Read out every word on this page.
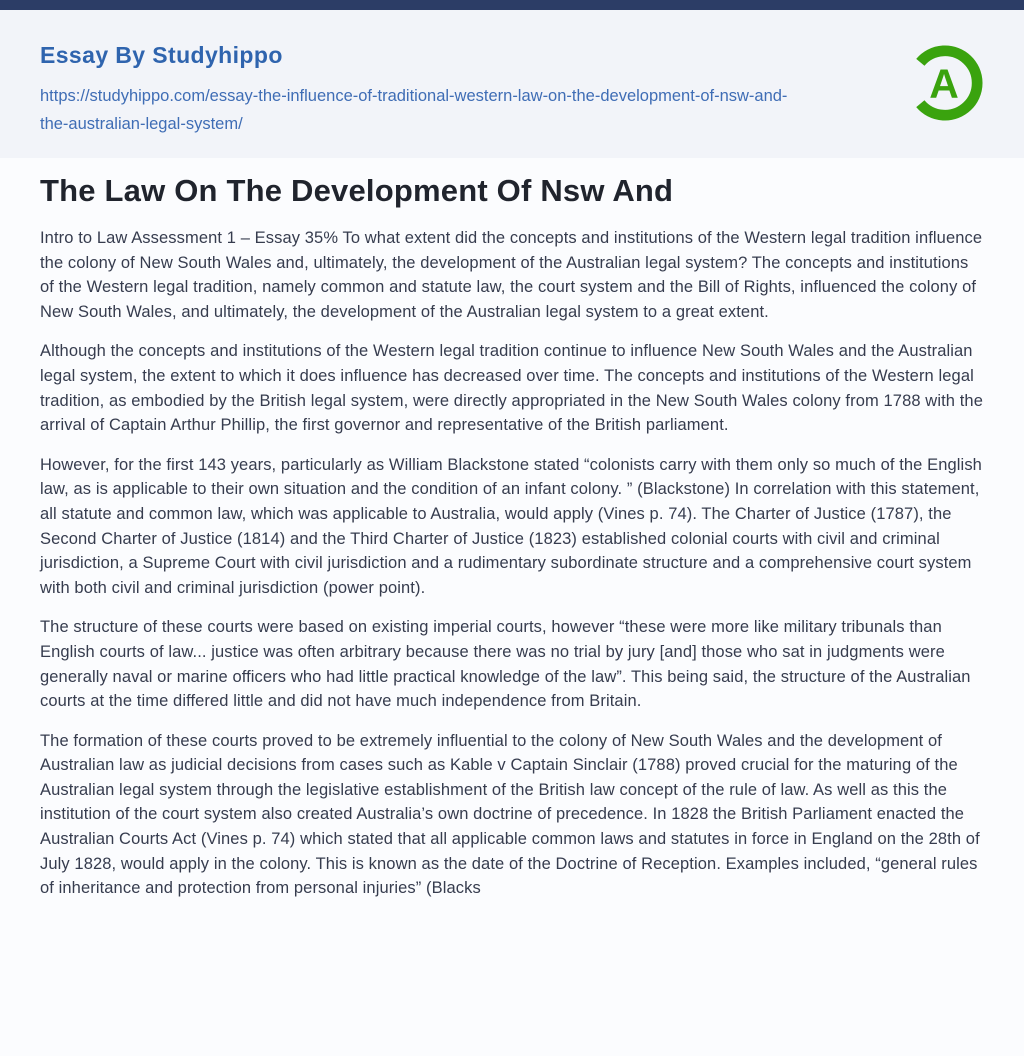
Essay By Studyhippo
https://studyhippo.com/essay-the-influence-of-traditional-western-law-on-the-development-of-nsw-and-the-australian-legal-system/
A
The Law On The Development Of Nsw And

Intro to Law Assessment 1 – Essay 35% To what extent did the concepts and institutions of the Western legal tradition influence the colony of New South Wales and, ultimately, the development of the Australian legal system? The concepts and institutions of the Western legal tradition, namely common and statute law, the court system and the Bill of Rights, influenced the colony of New South Wales, and ultimately, the development of the Australian legal system to a great extent.

Although the concepts and institutions of the Western legal tradition continue to influence New South Wales and the Australian legal system, the extent to which it does influence has decreased over time. The concepts and institutions of the Western legal tradition, as embodied by the British legal system, were directly appropriated in the New South Wales colony from 1788 with the arrival of Captain Arthur Phillip, the first governor and representative of the British parliament.

However, for the first 143 years, particularly as William Blackstone stated “colonists carry with them only so much of the English law, as is applicable to their own situation and the condition of an infant colony. ” (Blackstone) In correlation with this statement, all statute and common law, which was applicable to Australia, would apply (Vines p. 74). The Charter of Justice (1787), the Second Charter of Justice (1814) and the Third Charter of Justice (1823) established colonial courts with civil and criminal jurisdiction, a Supreme Court with civil jurisdiction and a rudimentary subordinate structure and a comprehensive court system with both civil and criminal jurisdiction (power point).

The structure of these courts were based on existing imperial courts, however “these were more like military tribunals than English courts of law... justice was often arbitrary because there was no trial by jury [and] those who sat in judgments were generally naval or marine officers who had little practical knowledge of the law”. This being said, the structure of the Australian courts at the time differed little and did not have much independence from Britain.

The formation of these courts proved to be extremely influential to the colony of New South Wales and the development of Australian law as judicial decisions from cases such as Kable v Captain Sinclair (1788) proved crucial for the maturing of the Australian legal system through the legislative establishment of the British law concept of the rule of law. As well as this the institution of the court system also created Australia’s own doctrine of precedence. In 1828 the British Parliament enacted the Australian Courts Act (Vines p. 74) which stated that all applicable common laws and statutes in force in England on the 28th of July 1828, would apply in the colony. This is known as the date of the Doctrine of Reception. Examples included, “general rules of inheritance and protection from personal injuries” (Blacks
